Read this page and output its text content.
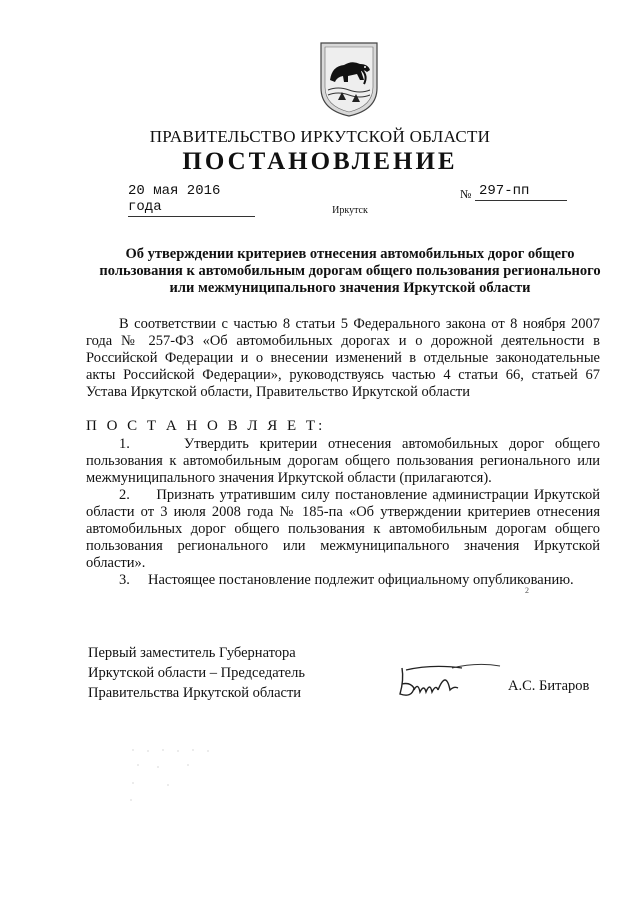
ПРАВИТЕЛЬСТВО ИРКУТСКОЙ ОБЛАСТИ
ПОСТАНОВЛЕНИЕ
20 мая 2016 года
№ 297-пп
Иркутск
Об утверждении критериев отнесения автомобильных дорог общего пользования к автомобильным дорогам общего пользования регионального или межмуниципального значения Иркутской области

В соответствии с частью 8 статьи 5 Федерального закона от 8 ноября 2007 года № 257-ФЗ «Об автомобильных дорогах и о дорожной деятельности в Российской Федерации и о внесении изменений в отдельные законодательные акты Российской Федерации», руководствуясь частью 4 статьи 66, статьей 67 Устава Иркутской области, Правительство Иркутской области

П О С Т А Н О В Л Я Е Т:

1.     Утвердить критерии отнесения автомобильных дорог общего пользования к автомобильным дорогам общего пользования регионального или межмуниципального значения Иркутской области (прилагаются).

2.     Признать утратившим силу постановление администрации Иркутской области от 3 июля 2008 года № 185-па «Об утверждении критериев отнесения автомобильных дорог общего пользования к автомобильным дорогам общего пользования регионального или межмуниципального значения Иркутской области».

3.     Настоящее постановление подлежит официальному опубликованию.

2
Первый заместитель Губернатора
Иркутской области – Председатель
Правительства Иркутской области	А.С. Битаров
